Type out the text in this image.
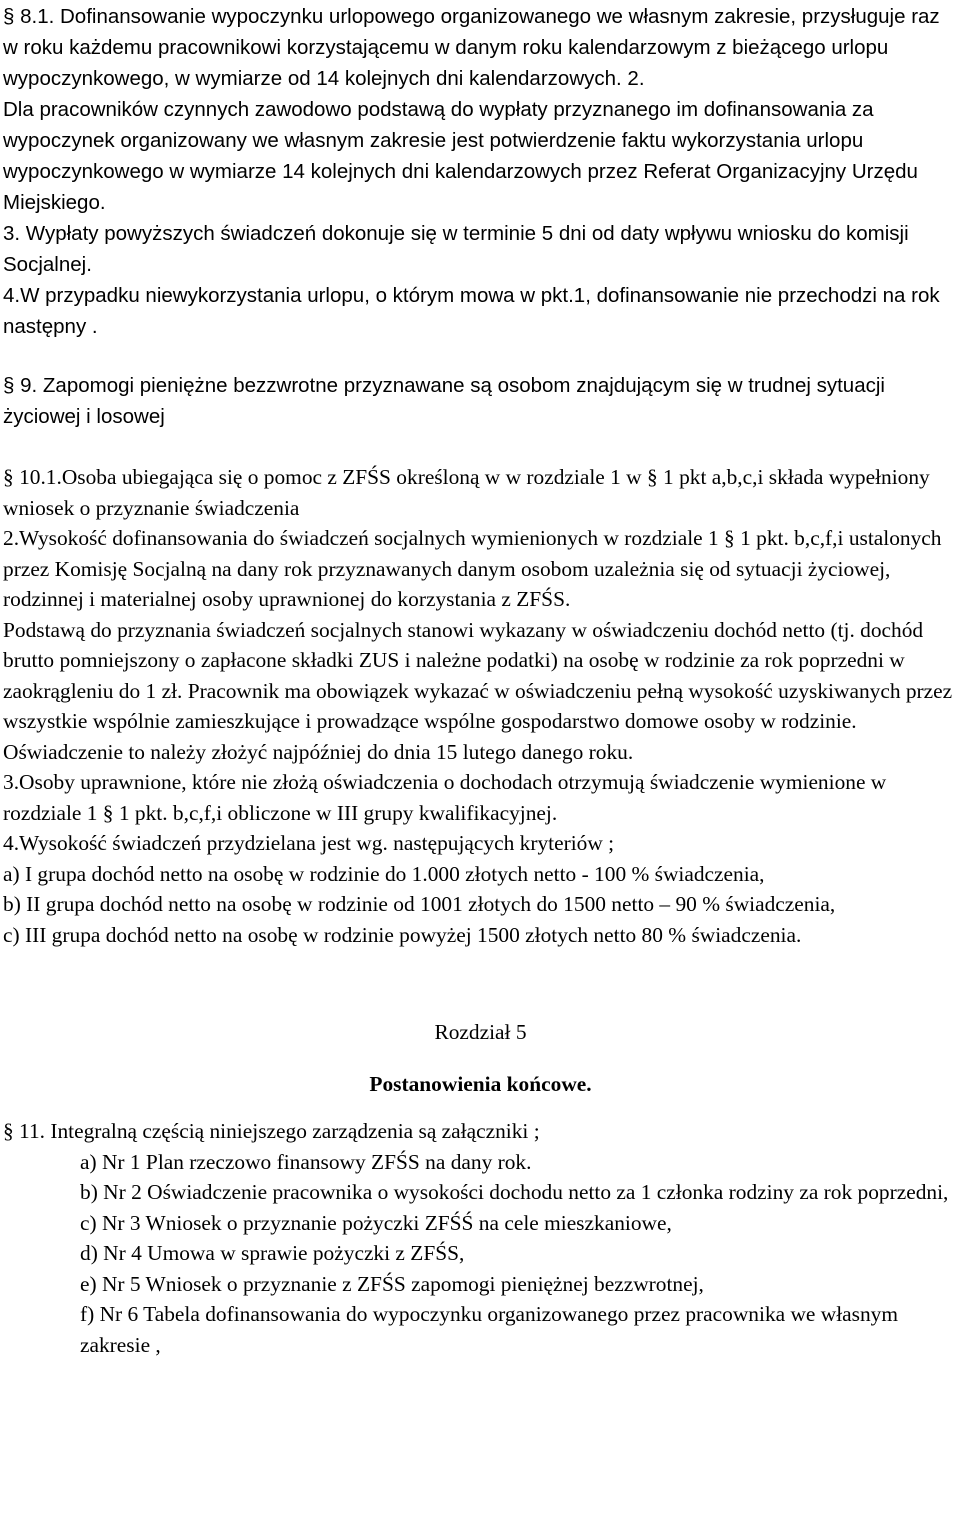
§  8.1. Dofinansowanie wypoczynku urlopowego organizowanego we własnym zakresie, przysługuje raz w roku każdemu pracownikowi korzystającemu w danym roku kalendarzowym z bieżącego urlopu wypoczynkowego, w wymiarze od 14 kolejnych dni kalendarzowych. 2.

Dla pracowników czynnych zawodowo podstawą do wypłaty przyznanego im dofinansowania za wypoczynek organizowany we własnym zakresie jest potwierdzenie faktu wykorzystania urlopu wypoczynkowego w wymiarze 14 kolejnych dni kalendarzowych przez Referat Organizacyjny Urzędu Miejskiego.

3. Wypłaty powyższych świadczeń dokonuje się w terminie 5 dni od daty wpływu wniosku do komisji Socjalnej.

4.W przypadku niewykorzystania urlopu, o którym mowa w pkt.1, dofinansowanie nie przechodzi na rok następny .

§  9. Zapomogi pieniężne bezzwrotne przyznawane są osobom znajdującym się w trudnej sytuacji życiowej i losowej

§  10.1.Osoba ubiegająca się o pomoc z ZFŚS określoną w w rozdziale 1 w §  1 pkt a,b,c,i składa wypełniony wniosek o przyznanie świadczenia

2.Wysokość dofinansowania do świadczeń socjalnych wymienionych w rozdziale 1 §  1 pkt. b,c,f,i ustalonych przez Komisję Socjalną na dany rok przyznawanych danym osobom uzależnia się od sytuacji życiowej, rodzinnej i materialnej osoby uprawnionej do korzystania z ZFŚS.

Podstawą do przyznania świadczeń socjalnych stanowi wykazany w oświadczeniu dochód netto (tj. dochód brutto pomniejszony o zapłacone składki ZUS i należne podatki) na osobę w rodzinie za rok poprzedni w zaokrągleniu do 1 zł. Pracownik ma obowiązek wykazać w oświadczeniu pełną wysokość uzyskiwanych przez wszystkie wspólnie zamieszkujące i prowadzące wspólne gospodarstwo domowe osoby w rodzinie. Oświadczenie to należy złożyć najpóźniej do dnia 15 lutego danego roku.

3.Osoby uprawnione, które nie złożą oświadczenia o dochodach otrzymują świadczenie wymienione w rozdziale 1 §  1 pkt. b,c,f,i obliczone w III grupy kwalifikacyjnej.

4.Wysokość świadczeń przydzielana jest wg. następujących kryteriów ;

a) I grupa dochód netto na osobę w rodzinie do 1.000 złotych netto - 100 % świadczenia,

b) II grupa dochód netto na osobę w rodzinie od 1001 złotych do 1500 netto – 90 % świadczenia,

c) III grupa dochód netto na osobę w rodzinie powyżej 1500 złotych netto 80 % świadczenia.

Rozdział 5

Postanowienia końcowe.

§  11. Integralną częścią niniejszego zarządzenia są załączniki ;

a) Nr 1 Plan rzeczowo finansowy ZFŚS na dany rok.

b) Nr 2 Oświadczenie pracownika o wysokości dochodu netto za 1 członka rodziny za rok poprzedni,

c) Nr 3 Wniosek o przyznanie pożyczki ZFŚŚ na cele mieszkaniowe,

d) Nr 4 Umowa w sprawie pożyczki z ZFŚS,

e) Nr 5 Wniosek o przyznanie z ZFŚS zapomogi pieniężnej bezzwrotnej,

f) Nr 6 Tabela dofinansowania do wypoczynku organizowanego przez pracownika we własnym zakresie ,
